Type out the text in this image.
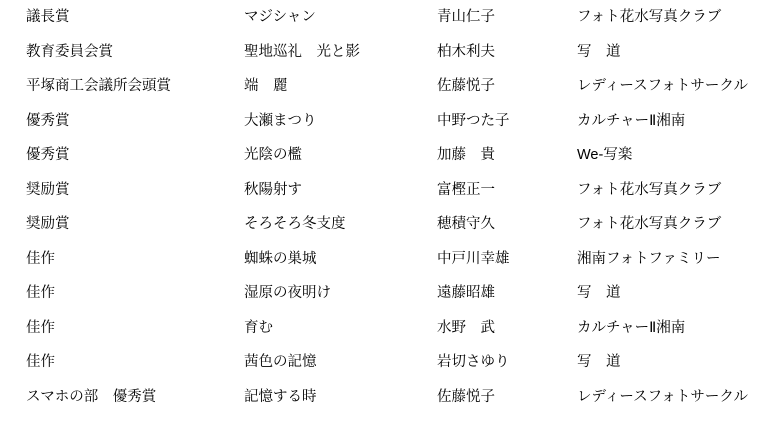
議長賞	マジシャン	青山仁子	フォト花水写真クラブ
教育委員会賞	聖地巡礼　光と影	柏木利夫	写　道
平塚商工会議所会頭賞	端　麗	佐藤悦子	レディースフォトサークル
優秀賞	大瀬まつり	中野つた子	カルチャーⅡ湘南
優秀賞	光陰の檻	加藤　貴	We-写楽
奨励賞	秋陽射す	富樫正一	フォト花水写真クラブ
奨励賞	そろそろ冬支度	穂積守久	フォト花水写真クラブ
佳作	蜘蛛の巣城	中戸川幸雄	湘南フォトファミリー
佳作	湿原の夜明け	遠藤昭雄	写　道
佳作	育む	水野　武	カルチャーⅡ湘南
佳作	茜色の記憶	岩切さゆり	写　道
スマホの部　優秀賞	記憶する時	佐藤悦子	レディースフォトサークル
